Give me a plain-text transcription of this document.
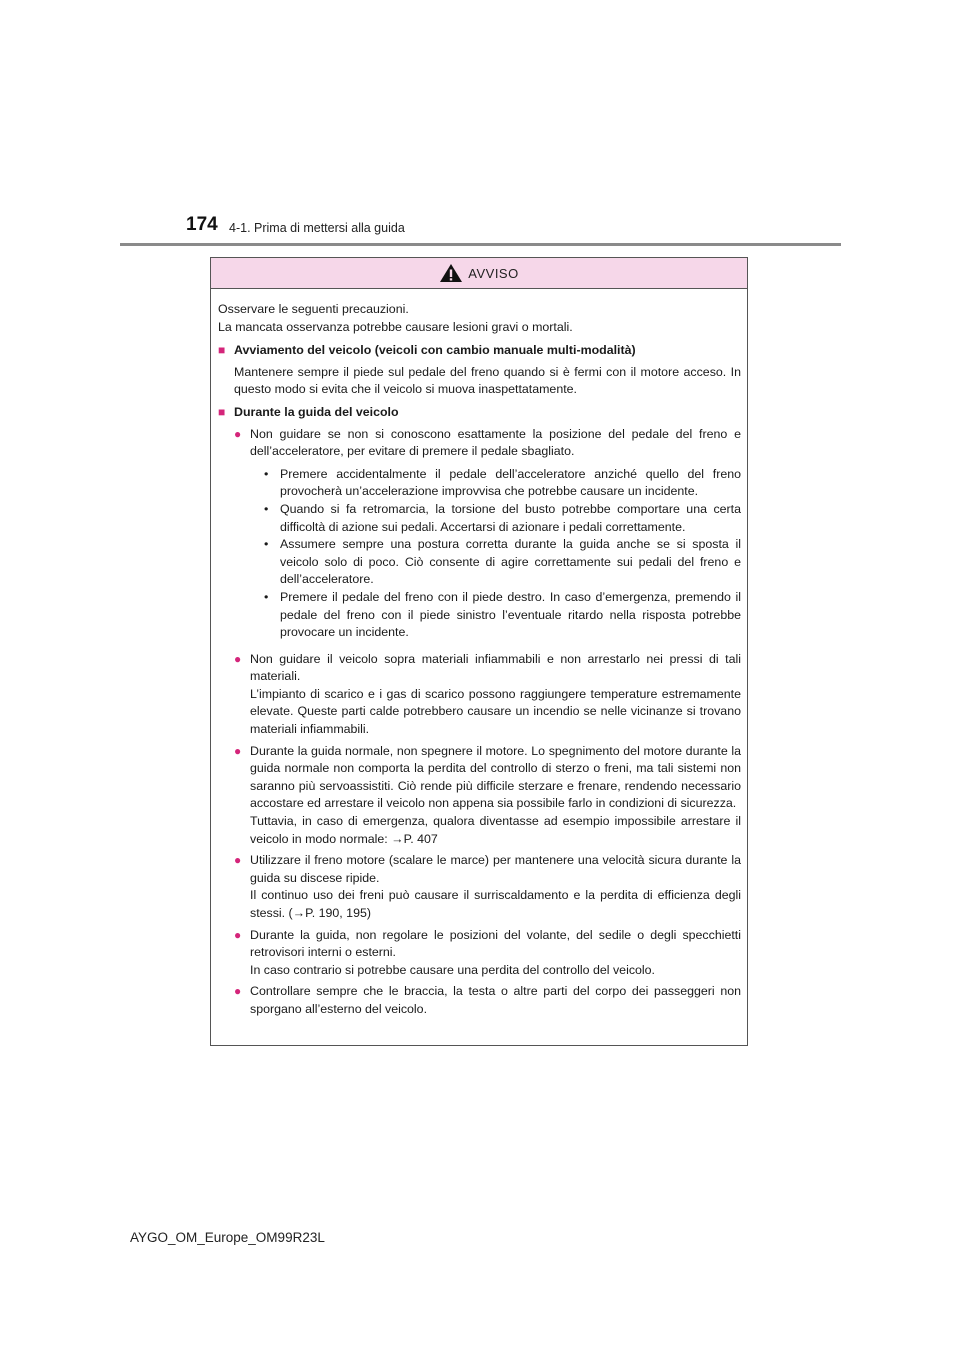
174 4-1. Prima di mettersi alla guida
AVVISO

Osservare le seguenti precauzioni.

La mancata osservanza potrebbe causare lesioni gravi o mortali.

■ Avviamento del veicolo (veicoli con cambio manuale multi-modalità)

Mantenere sempre il piede sul pedale del freno quando si è fermi con il motore acceso. In questo modo si evita che il veicolo si muova inaspettatamente.

■ Durante la guida del veicolo
● Non guidare se non si conoscono esattamente la posizione del pedale del freno e dell’acceleratore, per evitare di premere il pedale sbagliato.

• Premere accidentalmente il pedale dell’acceleratore anziché quello del freno provocherà un’accelerazione improvvisa che potrebbe causare un incidente.
• Quando si fa retromarcia, la torsione del busto potrebbe comportare una certa difficoltà di azione sui pedali. Accertarsi di azionare i pedali correttamente.
• Assumere sempre una postura corretta durante la guida anche se si sposta il veicolo solo di poco. Ciò consente di agire correttamente sui pedali del freno e dell’acceleratore.
• Premere il pedale del freno con il piede destro. In caso d’emergenza, premendo il pedale del freno con il piede sinistro l’eventuale ritardo nella risposta potrebbe provocare un incidente.
● Non guidare il veicolo sopra materiali infiammabili e non arrestarlo nei pressi di tali materiali.

L’impianto di scarico e i gas di scarico possono raggiungere temperature estremamente elevate. Queste parti calde potrebbero causare un incendio se nelle vicinanze si trovano materiali infiammabili.

● Durante la guida normale, non spegnere il motore. Lo spegnimento del motore durante la guida normale non comporta la perdita del controllo di sterzo o freni, ma tali sistemi non saranno più servoassistiti. Ciò rende più difficile sterzare e frenare, rendendo necessario accostare ed arrestare il veicolo non appena sia possibile farlo in condizioni di sicurezza.

Tuttavia, in caso di emergenza, qualora diventasse ad esempio impossibile arrestare il veicolo in modo normale: →P. 407

● Utilizzare il freno motore (scalare le marce) per mantenere una velocità sicura durante la guida su discese ripide.

Il continuo uso dei freni può causare il surriscaldamento e la perdita di efficienza degli stessi. (→P. 190, 195)

● Durante la guida, non regolare le posizioni del volante, del sedile o degli specchietti retrovisori interni o esterni.

In caso contrario si potrebbe causare una perdita del controllo del veicolo.

● Controllare sempre che le braccia, la testa o altre parti del corpo dei passeggeri non sporgano all’esterno del veicolo.

AYGO_OM_Europe_OM99R23L
